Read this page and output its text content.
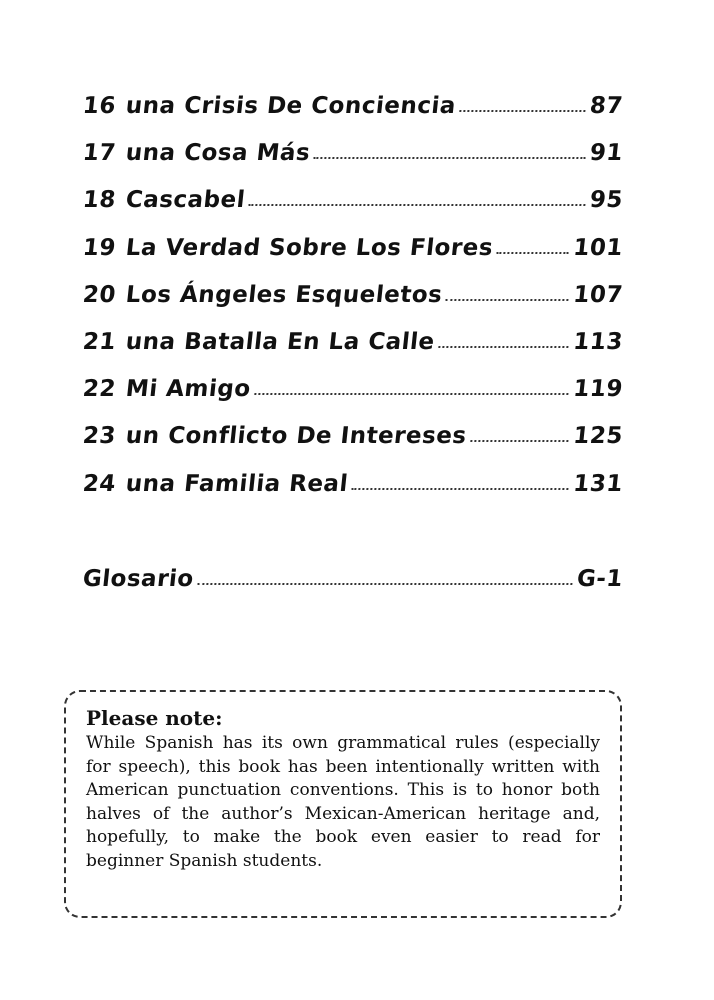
16 una Crisis De Conciencia	87
17 una Cosa Más	91
18 Cascabel	95
19 La Verdad Sobre Los Flores	101
20 Los Ángeles Esqueletos	107
21 una Batalla En La Calle	113
22 Mi Amigo	119
23 un Conflicto De Intereses	125
24 una Familia Real	131
Glosario	G-1

Please note:

While Spanish has its own grammatical rules (especially for speech), this book has been intentionally written with American punctuation conventions. This is to honor both halves of the author’s Mexican-American heritage and, hopefully, to make the book even easier to read for beginner Spanish students.
